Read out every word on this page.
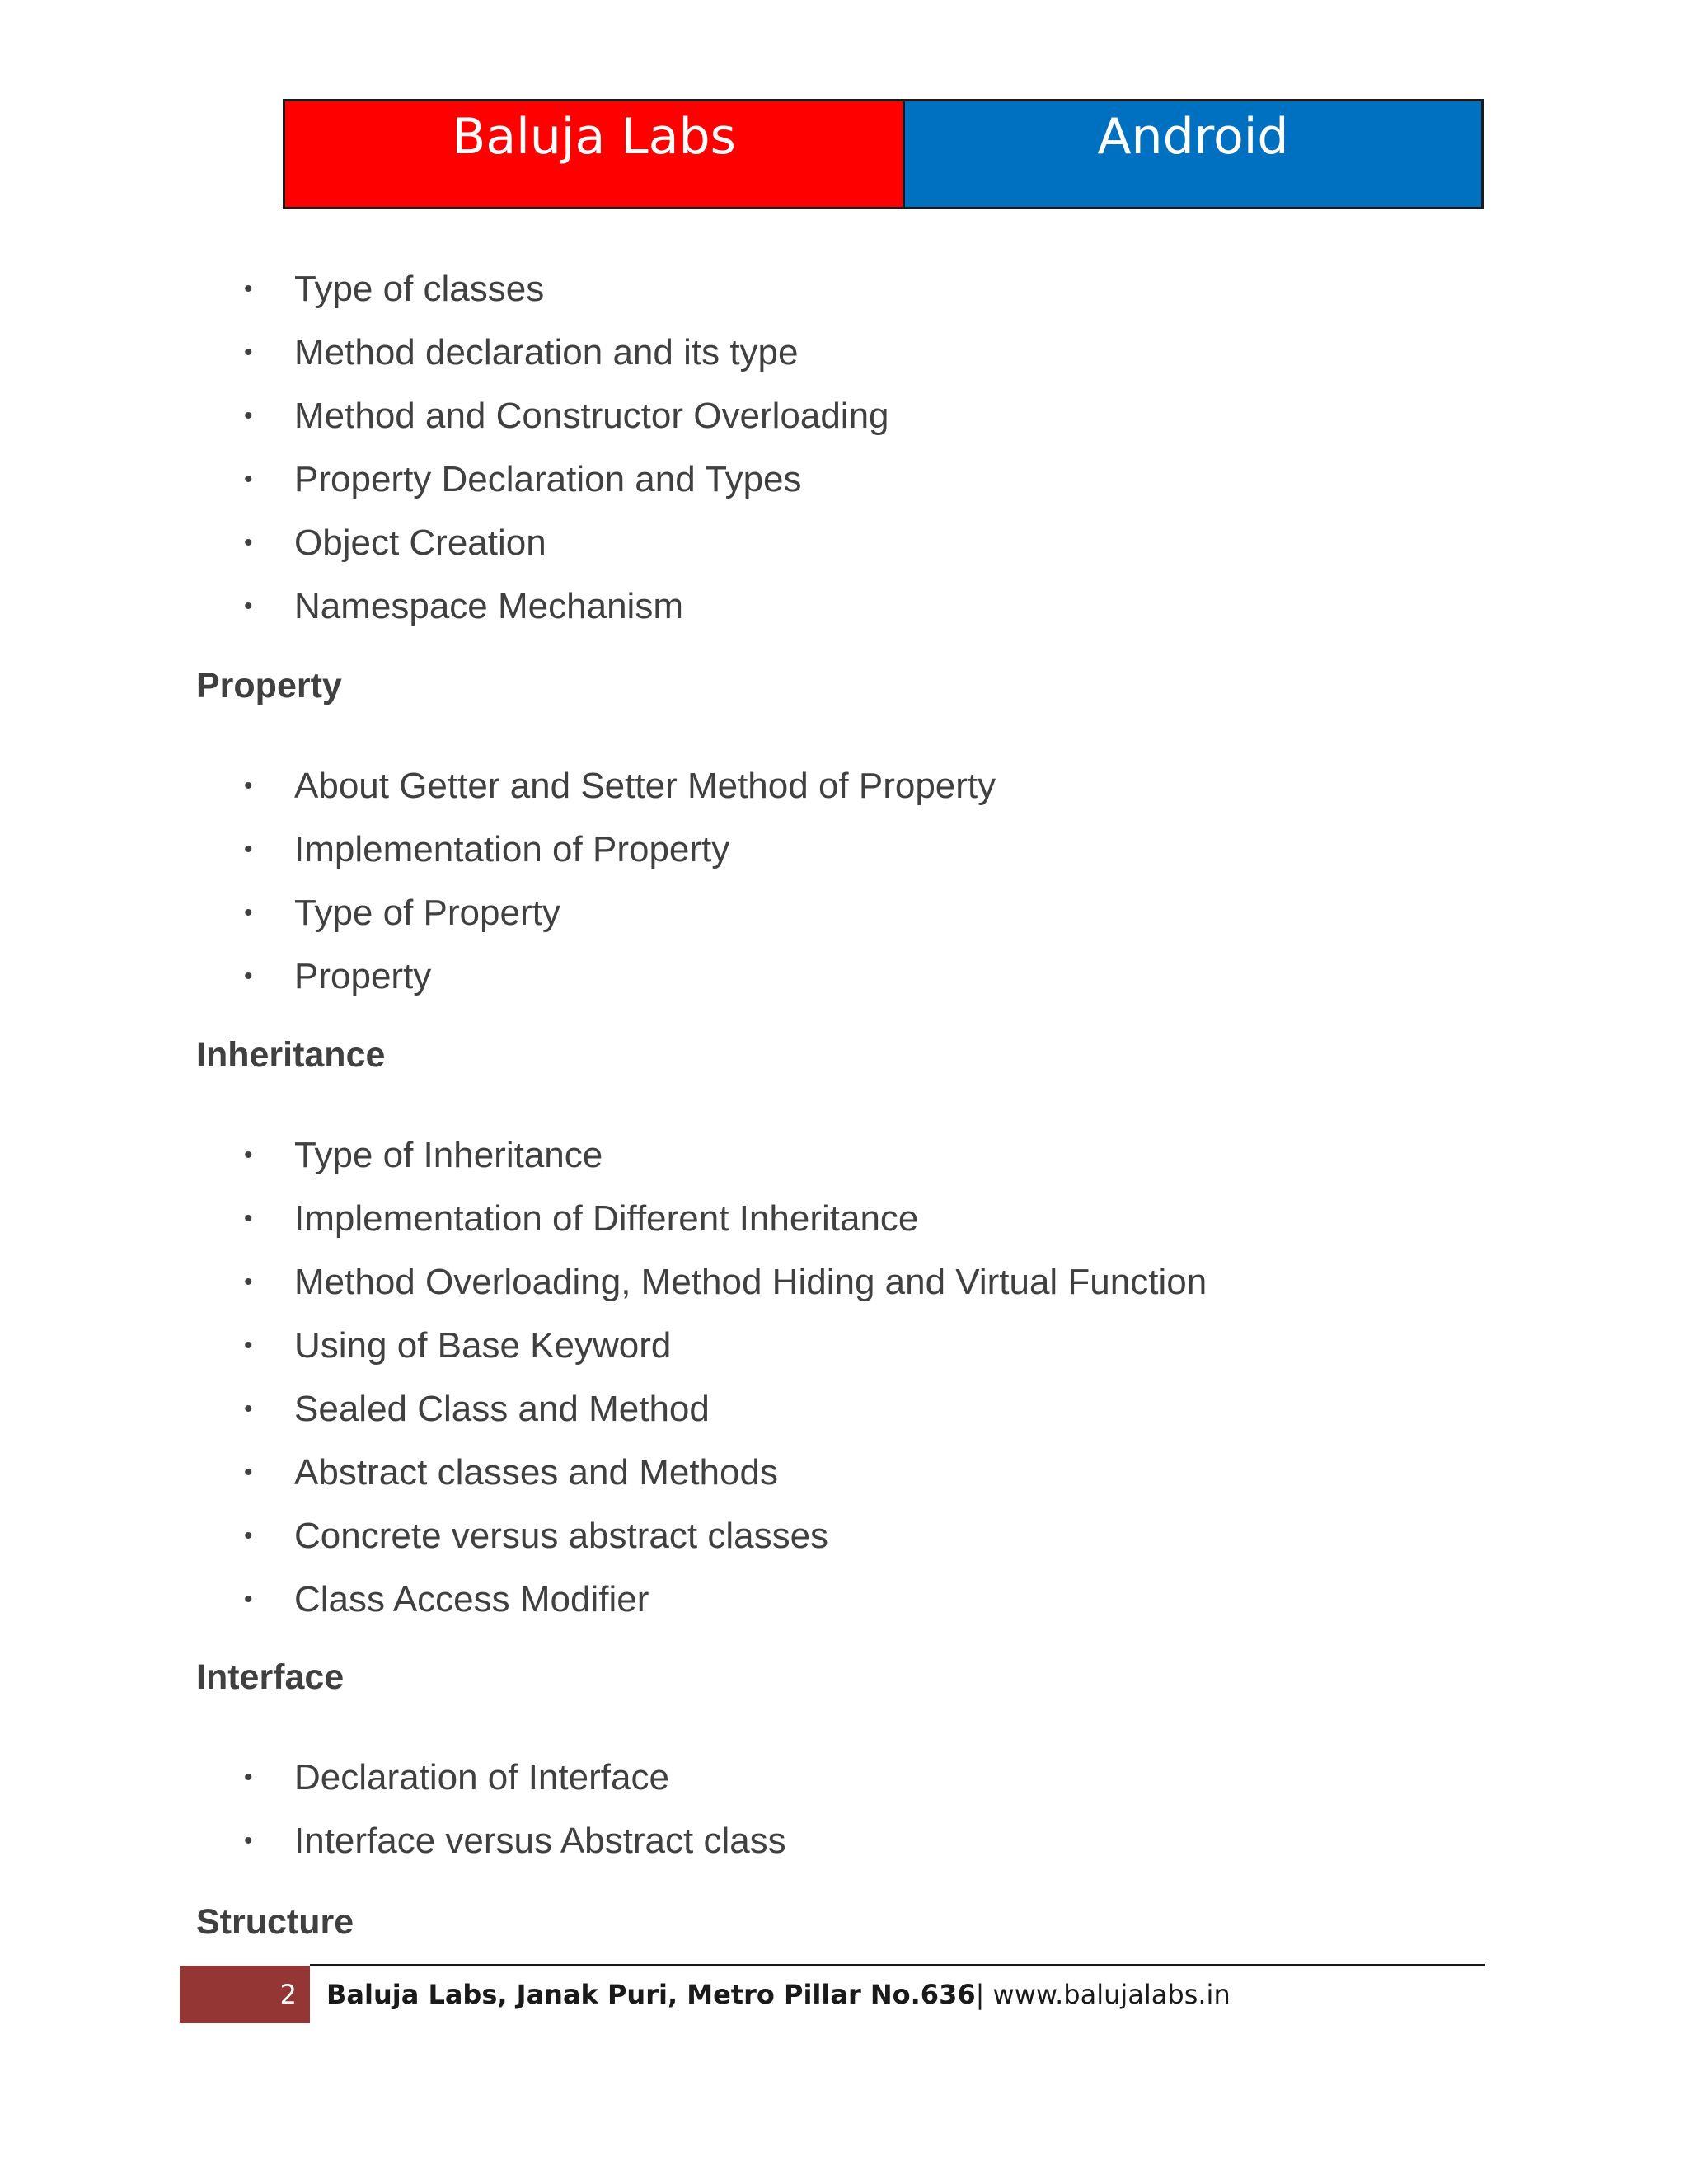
Baluja Labs	Android
• Type of classes
• Method declaration and its type
• Method and Constructor Overloading
• Property Declaration and Types
• Object Creation
• Namespace Mechanism
Property
• About Getter and Setter Method of Property
• Implementation of Property
• Type of Property
• Property
Inheritance
• Type of Inheritance
• Implementation of Different Inheritance
• Method Overloading, Method Hiding and Virtual Function
• Using of Base Keyword
• Sealed Class and Method
• Abstract classes and Methods
• Concrete versus abstract classes
• Class Access Modifier
Interface
• Declaration of Interface
• Interface versus Abstract class
Structure
2	Baluja Labs, Janak Puri, Metro Pillar No.636 | www.balujalabs.in
